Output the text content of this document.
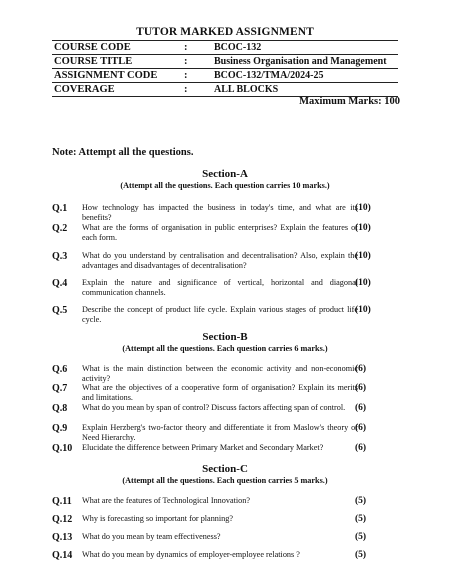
TUTOR MARKED ASSIGNMENT
COURSE CODE	:	BCOC-132
COURSE TITLE	:	Business Organisation and Management
ASSIGNMENT CODE	:	BCOC-132/TMA/2024-25
COVERAGE	:	ALL BLOCKS
Maximum Marks: 100
Note: Attempt all the questions.
Section-A
(Attempt all the questions. Each question carries 10 marks.)
Q.1 How technology has impacted the business in today's time, and what are its benefits?
(10)
Q.2 What are the forms of organisation in public enterprises? Explain the features of each form.
(10)
Q.3 What do you understand by centralisation and decentralisation? Also, explain the advantages and disadvantages of decentralisation?
(10)
Q.4 Explain the nature and significance of vertical, horizontal and diagonal communication channels.
(10)
Q.5 Describe the concept of product life cycle. Explain various stages of product life cycle.
(10)
Section-B
(Attempt all the questions. Each question carries 6 marks.)
Q.6 What is the main distinction between the economic activity and non-economic activity?
(6)
Q.7 What are the objectives of a cooperative form of organisation? Explain its merits and limitations.
(6)
Q.8 What do you mean by span of control? Discuss factors affecting span of control.	(6)
Q.9 Explain Herzberg's two-factor theory and differentiate it from Maslow's theory of Need Hierarchy.
(6)
Q.10 Elucidate the difference between Primary Market and Secondary Market?	(6)
Section-C
(Attempt all the questions. Each question carries 5 marks.)
Q.11 What are the features of Technological Innovation?	(5)
Q.12 Why is forecasting so important for planning?	(5)
Q.13 What do you mean by team effectiveness?	(5)
Q.14 What do you mean by dynamics of employer-employee relations ?	(5)
